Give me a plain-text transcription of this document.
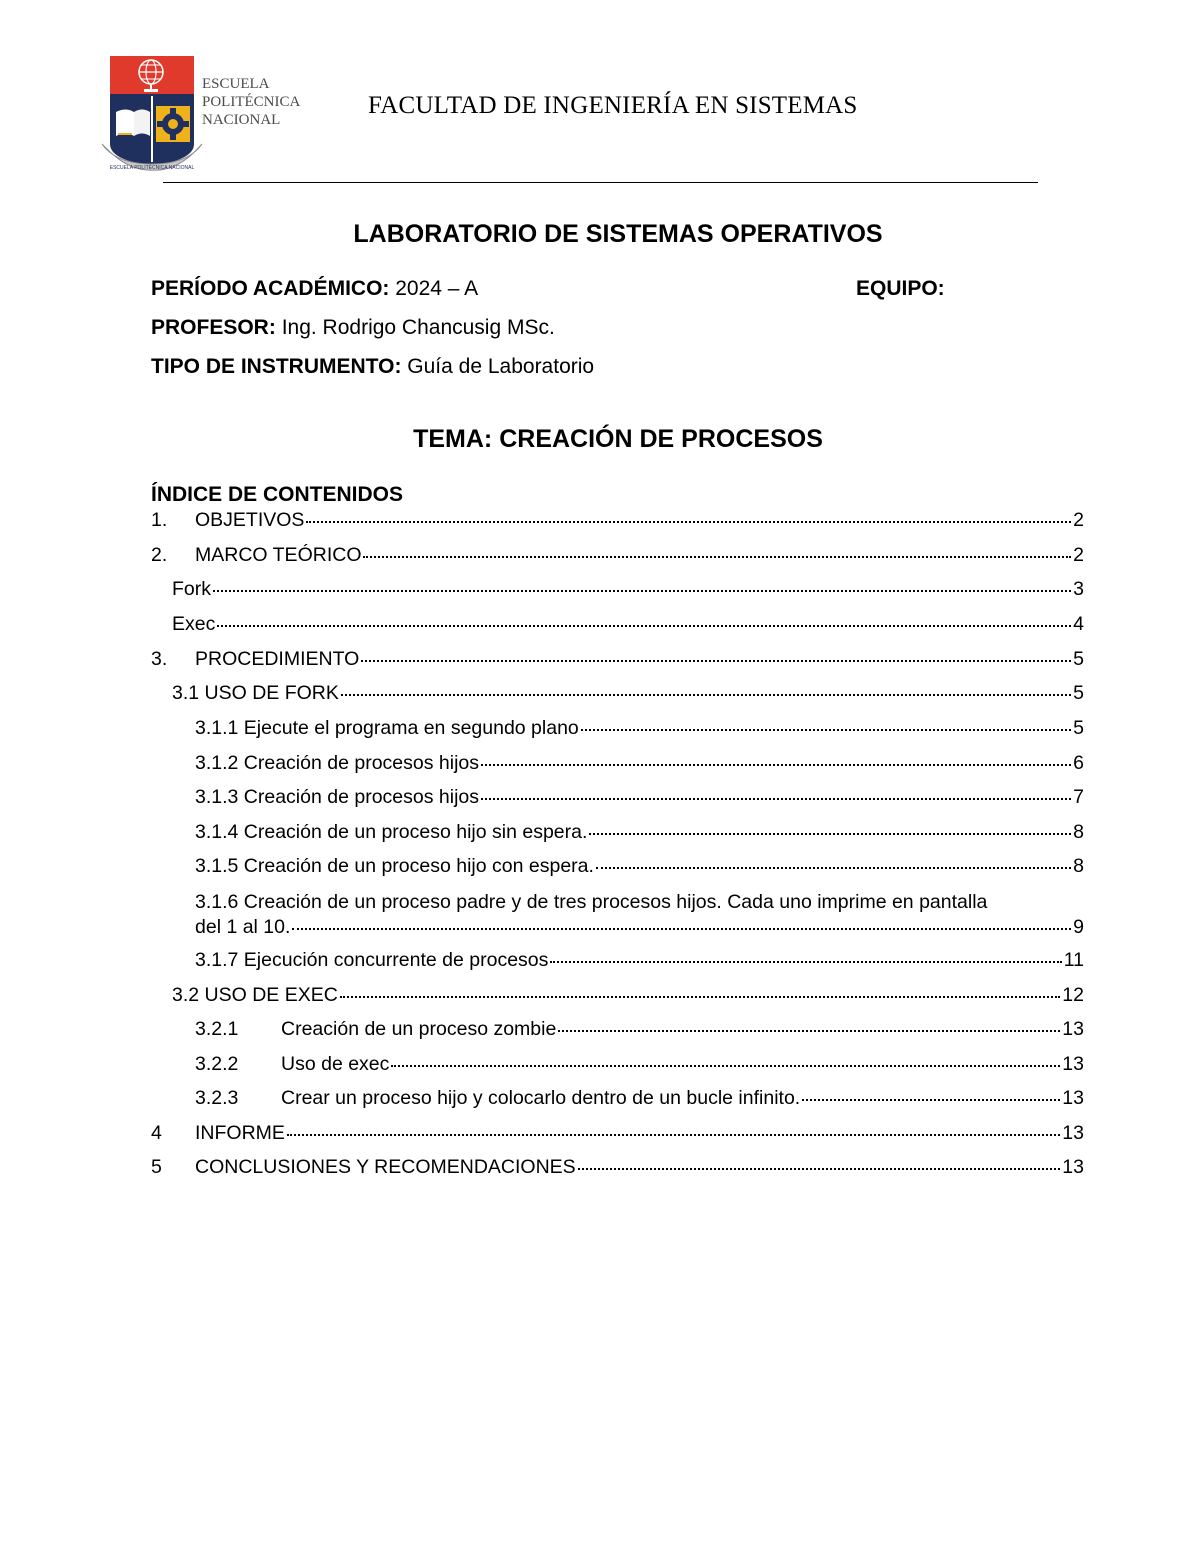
ESCUELA POLITÉCNICA NACIONAL
ESCUELA
POLITÉCNICA
NACIONAL
FACULTAD DE INGENIERÍA EN SISTEMAS
LABORATORIO DE SISTEMAS OPERATIVOS
PERÍODO ACADÉMICO: 2024 – A	EQUIPO:
PROFESOR: Ing. Rodrigo Chancusig MSc.
TIPO DE INSTRUMENTO: Guía de Laboratorio
TEMA: CREACIÓN DE PROCESOS
ÍNDICE DE CONTENIDOS
1.	OBJETIVOS	2
2.	MARCO TEÓRICO	2
Fork	3
Exec	4
3.	PROCEDIMIENTO	5
3.1 USO DE FORK	5
3.1.1 Ejecute el programa en segundo plano	5
3.1.2 Creación de procesos hijos	6
3.1.3 Creación de procesos hijos	7
3.1.4 Creación de un proceso hijo sin espera.	8
3.1.5 Creación de un proceso hijo con espera.	8
3.1.6 Creación de un proceso padre y de tres procesos hijos. Cada uno imprime en pantalla
del 1 al 10.	9
3.1.7 Ejecución concurrente de procesos	11
3.2 USO DE EXEC	12
3.2.1	Creación de un proceso zombie	13
3.2.2	Uso de exec	13
3.2.3	Crear un proceso hijo y colocarlo dentro de un bucle infinito.	13
4	INFORME	13
5	CONCLUSIONES Y RECOMENDACIONES	13
